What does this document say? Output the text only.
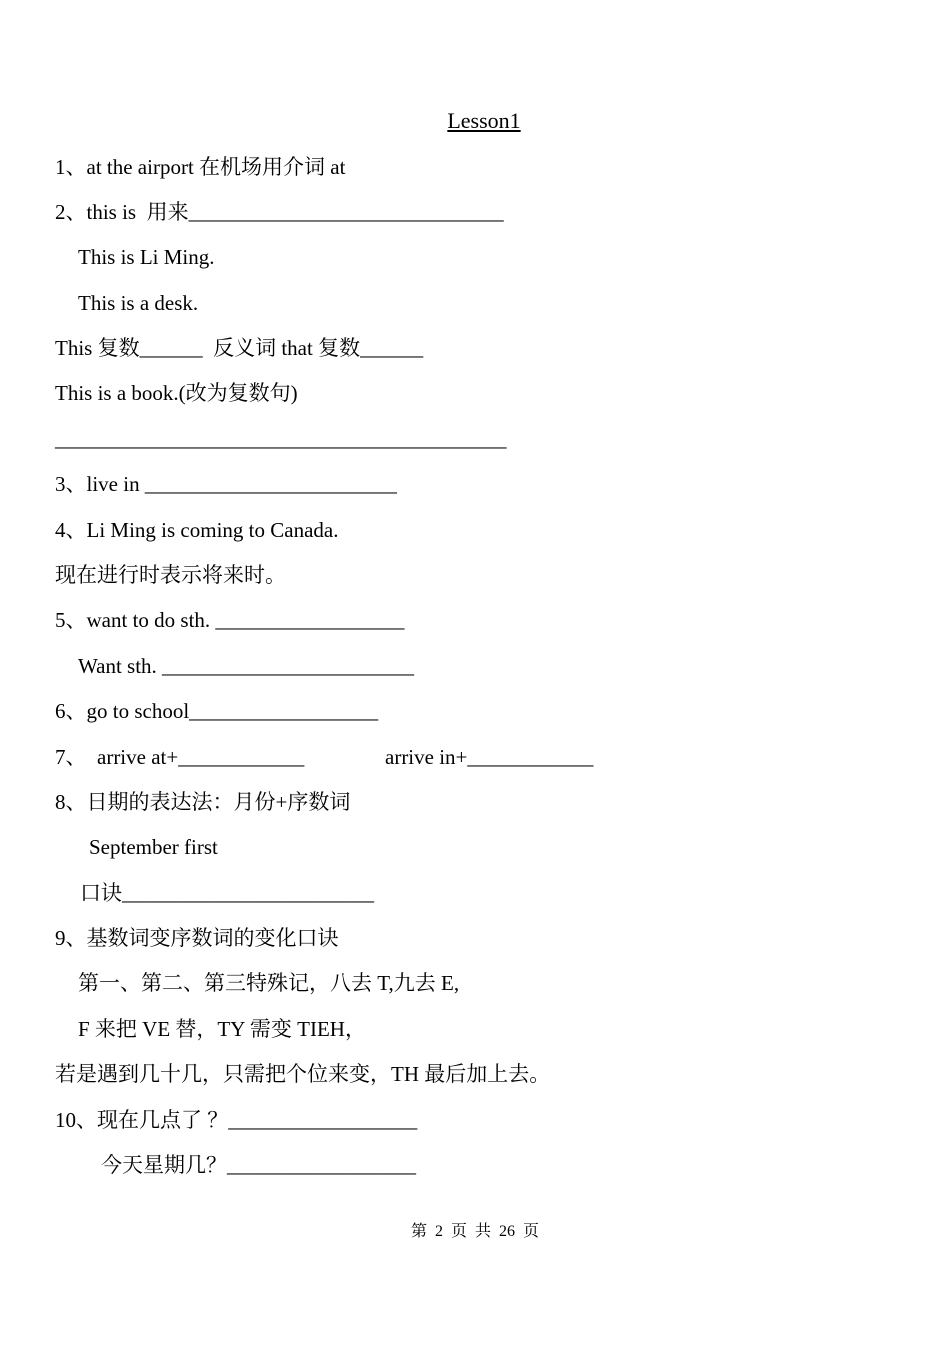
Lesson1
1、at the airport 在机场用介词 at
2、this is  用来______________________________
This is Li Ming.
This is a desk.
This 复数______  反义词 that 复数______
This is a book.(改为复数句)
___________________________________________
3、live in ________________________
4、Li Ming is coming to Canada.
现在进行时表示将来时。
5、want to do sth. __________________
Want sth. ________________________
6、go to school__________________
7、  arrive at+____________	arrive in+____________
8、日期的表达法：月份+序数词
September first
口诀________________________
9、基数词变序数词的变化口诀
第一、第二、第三特殊记，八去 T,九去 E,
F 来把 VE 替，TY 需变 TIEH，
若是遇到几十几，只需把个位来变，TH 最后加上去。
10、现在几点了 ？__________________
今天星期几？__________________
第  2  页  共  26  页
